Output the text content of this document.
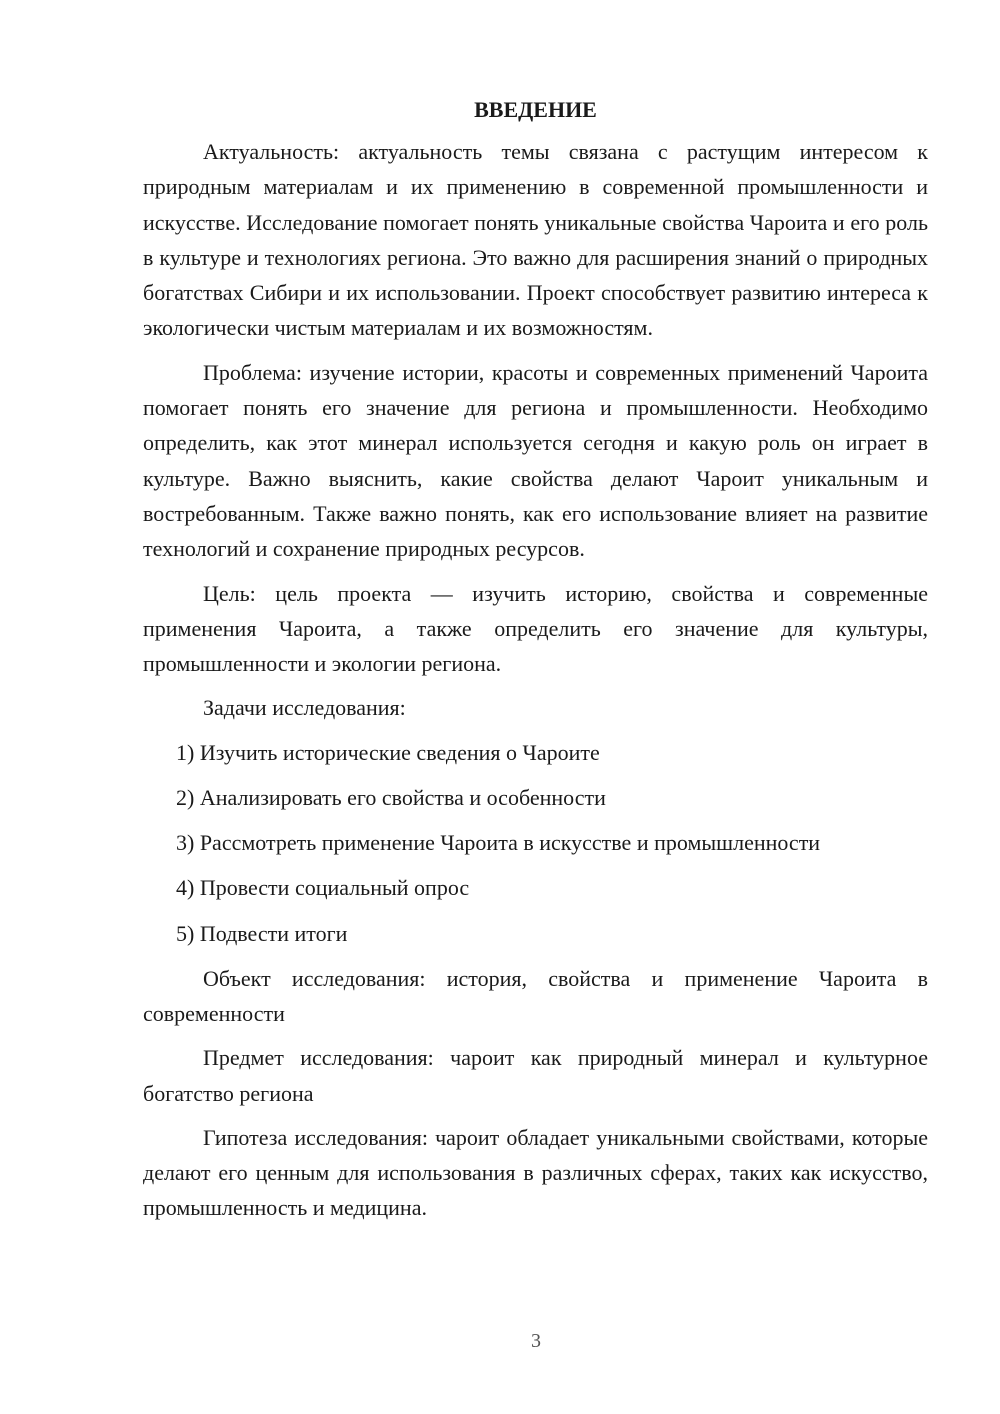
ВВЕДЕНИЕ

Актуальность: актуальность темы связана с растущим интересом к природным материалам и их применению в современной промышленности и искусстве. Исследование помогает понять уникальные свойства Чароита и его роль в культуре и технологиях региона. Это важно для расширения знаний о природных богатствах Сибири и их использовании. Проект способствует развитию интереса к экологически чистым материалам и их возможностям.

Проблема: изучение истории, красоты и современных применений Чароита помогает понять его значение для региона и промышленности. Необходимо определить, как этот минерал используется сегодня и какую роль он играет в культуре. Важно выяснить, какие свойства делают Чароит уникальным и востребованным. Также важно понять, как его использование влияет на развитие технологий и сохранение природных ресурсов.

Цель: цель проекта — изучить историю, свойства и современные применения Чароита, а также определить его значение для культуры, промышленности и экологии региона.

Задачи исследования:

1) Изучить исторические сведения о Чароите
2) Анализировать его свойства и особенности
3) Рассмотреть применение Чароита в искусстве и промышленности
4) Провести социальный опрос
5) Подвести итоги

Объект исследования: история, свойства и применение Чароита в современности

Предмет исследования: чароит как природный минерал и культурное богатство региона

Гипотеза исследования: чароит обладает уникальными свойствами, которые делают его ценным для использования в различных сферах, таких как искусство, промышленность и медицина.

3
